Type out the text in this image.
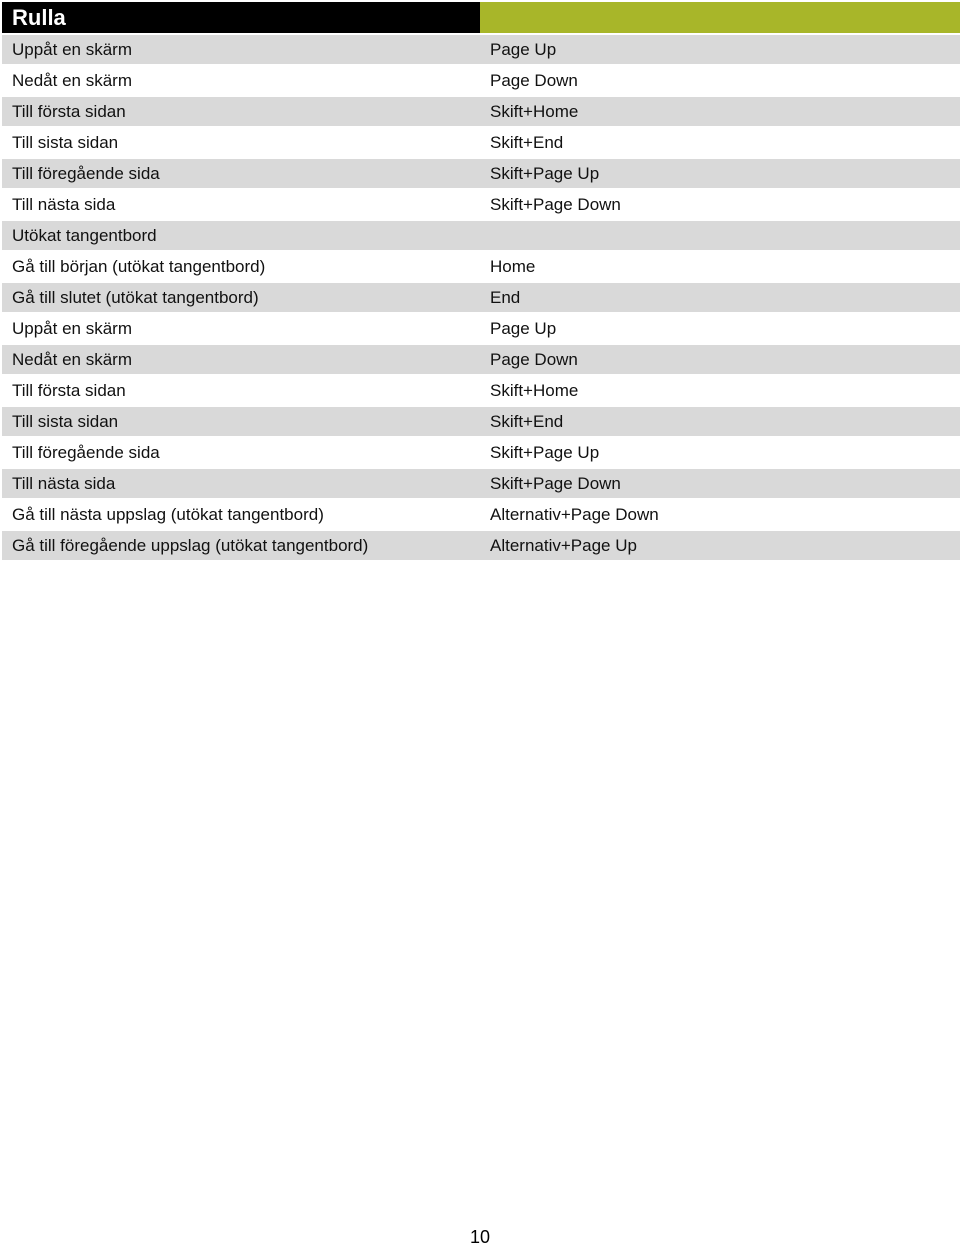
Rulla
Uppåt en skärm	Page Up
Nedåt en skärm	Page Down
Till första sidan	Skift+Home
Till sista sidan	Skift+End
Till föregående sida	Skift+Page Up
Till nästa sida	Skift+Page Down
Utökat tangentbord
Gå till början (utökat tangentbord)	Home
Gå till slutet (utökat tangentbord)	End
Uppåt en skärm	Page Up
Nedåt en skärm	Page Down
Till första sidan	Skift+Home
Till sista sidan	Skift+End
Till föregående sida	Skift+Page Up
Till nästa sida	Skift+Page Down
Gå till nästa uppslag (utökat tangentbord)	Alternativ+Page Down
Gå till föregående uppslag (utökat tangentbord)	Alternativ+Page Up
10
